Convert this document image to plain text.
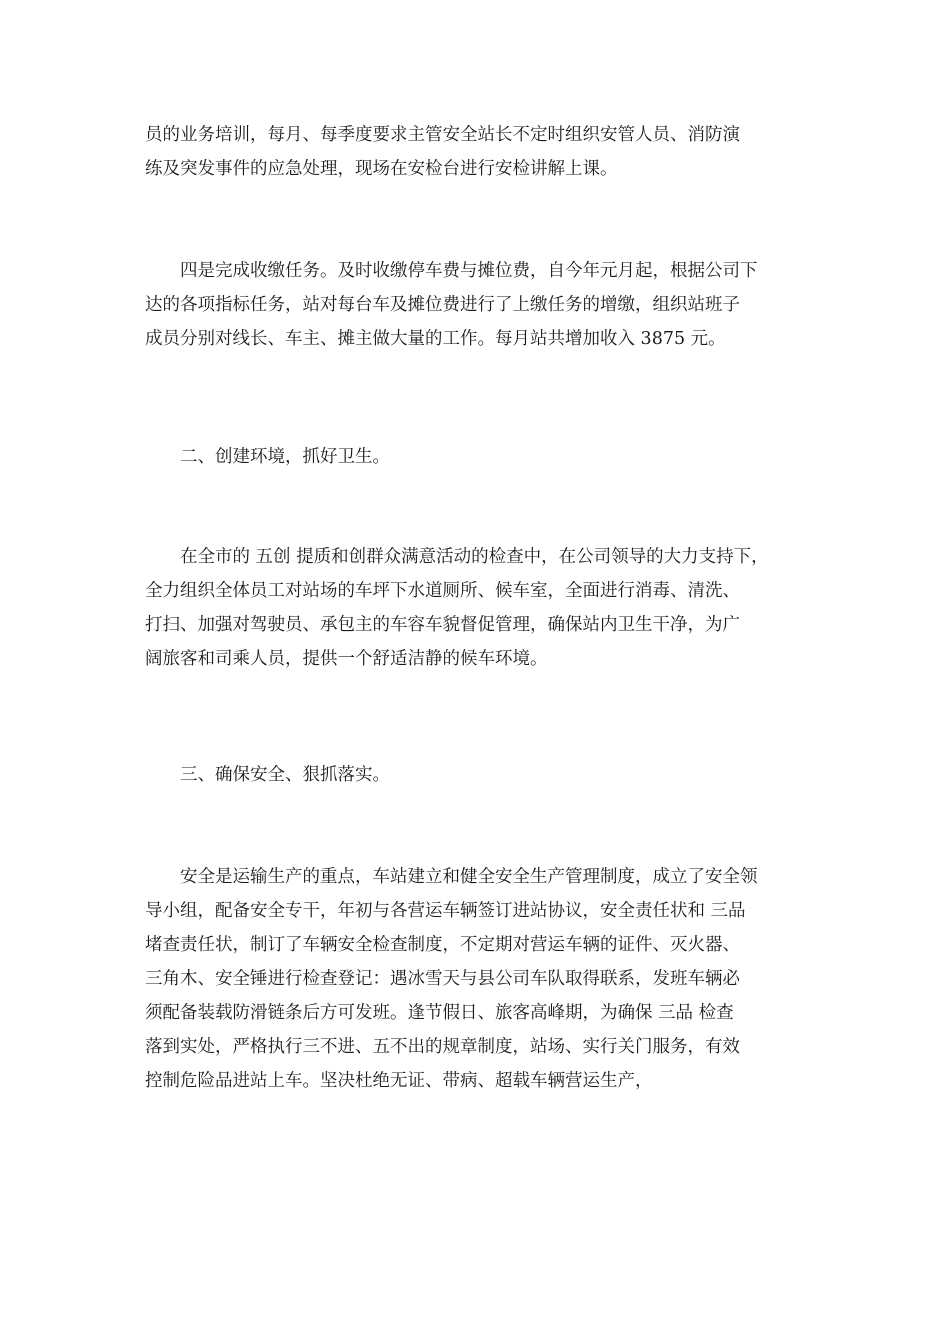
员的业务培训，每月、每季度要求主管安全站长不定时组织安管人员、消防演
练及突发事件的应急处理，现场在安检台进行安检讲解上课。
四是完成收缴任务。及时收缴停车费与摊位费，自今年元月起，根据公司下
达的各项指标任务，站对每台车及摊位费进行了上缴任务的增缴，组织站班子
成员分别对线长、车主、摊主做大量的工作。每月站共增加收入 3875 元。
二、创建环境，抓好卫生。
在全市的 五创 提质和创群众满意活动的检查中，在公司领导的大力支持下，
全力组织全体员工对站场的车坪下水道厕所、候车室，全面进行消毒、清洗、
打扫、加强对驾驶员、承包主的车容车貌督促管理，确保站内卫生干净，为广
阔旅客和司乘人员，提供一个舒适洁静的候车环境。
三、确保安全、狠抓落实。
安全是运输生产的重点，车站建立和健全安全生产管理制度，成立了安全领
导小组，配备安全专干，年初与各营运车辆签订进站协议，安全责任状和 三品
堵查责任状，制订了车辆安全检查制度，不定期对营运车辆的证件、灭火器、
三角木、安全锤进行检查登记：遇冰雪天与县公司车队取得联系，发班车辆必
须配备装载防滑链条后方可发班。逢节假日、旅客高峰期，为确保 三品 检查
落到实处，严格执行三不进、五不出的规章制度，站场、实行关门服务，有效
控制危险品进站上车。坚决杜绝无证、带病、超载车辆营运生产，
